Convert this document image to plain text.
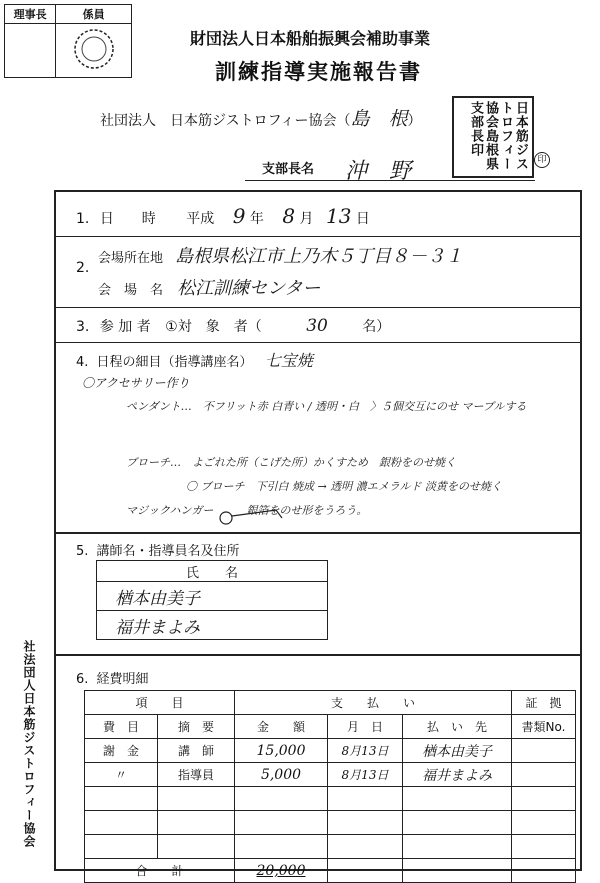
理事長	係員

財団法人日本船舶振興会補助事業
訓練指導実施報告書
社団法人　日本筋ジストロフィー協会（島　根）	日本筋ジストロフィー協会島根県支部長印
支部長名 沖　野	印
1. 日　　時 平成 9 年 8 月 13 日
2.
会場所在地 島根県松江市上乃木５丁目８－３１
会　場　名 松江訓練センター
3. 参 加 者 ①対　象　者（	30 名）
4. 日程の細目（指導講座名） 七宝焼
〇アクセサリー作り
ペンダント…　不フリット赤 白青い / 透明・白　〉５個交互にのせ マーブルする
ブローチ…　よごれた所（こげた所）かくすため　銀粉をのせ焼く
〇 ブローチ　下引白 焼成 → 透明 濃エメラルド 淡黄をのせ焼く
マジックハンガー　　　銀箔をのせ形をうろう。
5. 講師名・指導員名及住所
氏　　名
楢本由美子
福井まよみ
6. 経費明細
項　　目		支　　払　　い			証　拠
費　目	摘　要	金　　額	月　日	払　い　先	書類No.
謝　金	講　師	15,000	8月13日	楢本由美子	
〃	指導員	5,000	8月13日	福井まよみ	

合　　計		20,000			
社法団人日本筋ジストロフィー協会
